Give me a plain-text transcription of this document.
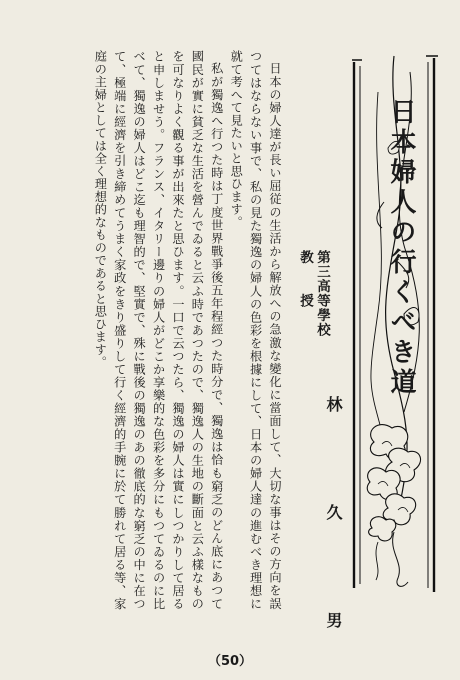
日本の婦人達が長い屈従の生活から解放への急激な變化に當面して、大切な事はその方向を誤つてはならない事で、私の見た獨逸の婦人の色彩を根據にして、日本の婦人達の進むべき理想に就て考へて見たいと思ひます。

私が獨逸へ行つた時は丁度世界戰爭後五年程經つた時分で、獨逸は恰も窮乏のどん底にあつて國民が實に貧乏な生活を營んでゐると云ふ時であつたので、獨逸人の生地の斷面と云ふ樣なものを可なりよく觀る事が出來たと思ひます。一口で云つたら、獨逸の婦人は實にしつかりして居ると申しませう。フランス、イタリー邊りの婦人がどこか享樂的な色彩を多分にもつてゐるのに比べて、獨逸の婦人はどこ迄も理智的で、堅實で、殊に戰後の獨逸のあの徹底的な窮乏の中に在つて、極端に經濟を引き締めてうまく家政をきり盛りして行く經濟的手腕に於て勝れて居る等、家庭の主婦としては全く理想的なものであると思ひます。	第三高等學校
教　　授
林　久　男
日本婦人の行くべき道
（50）
